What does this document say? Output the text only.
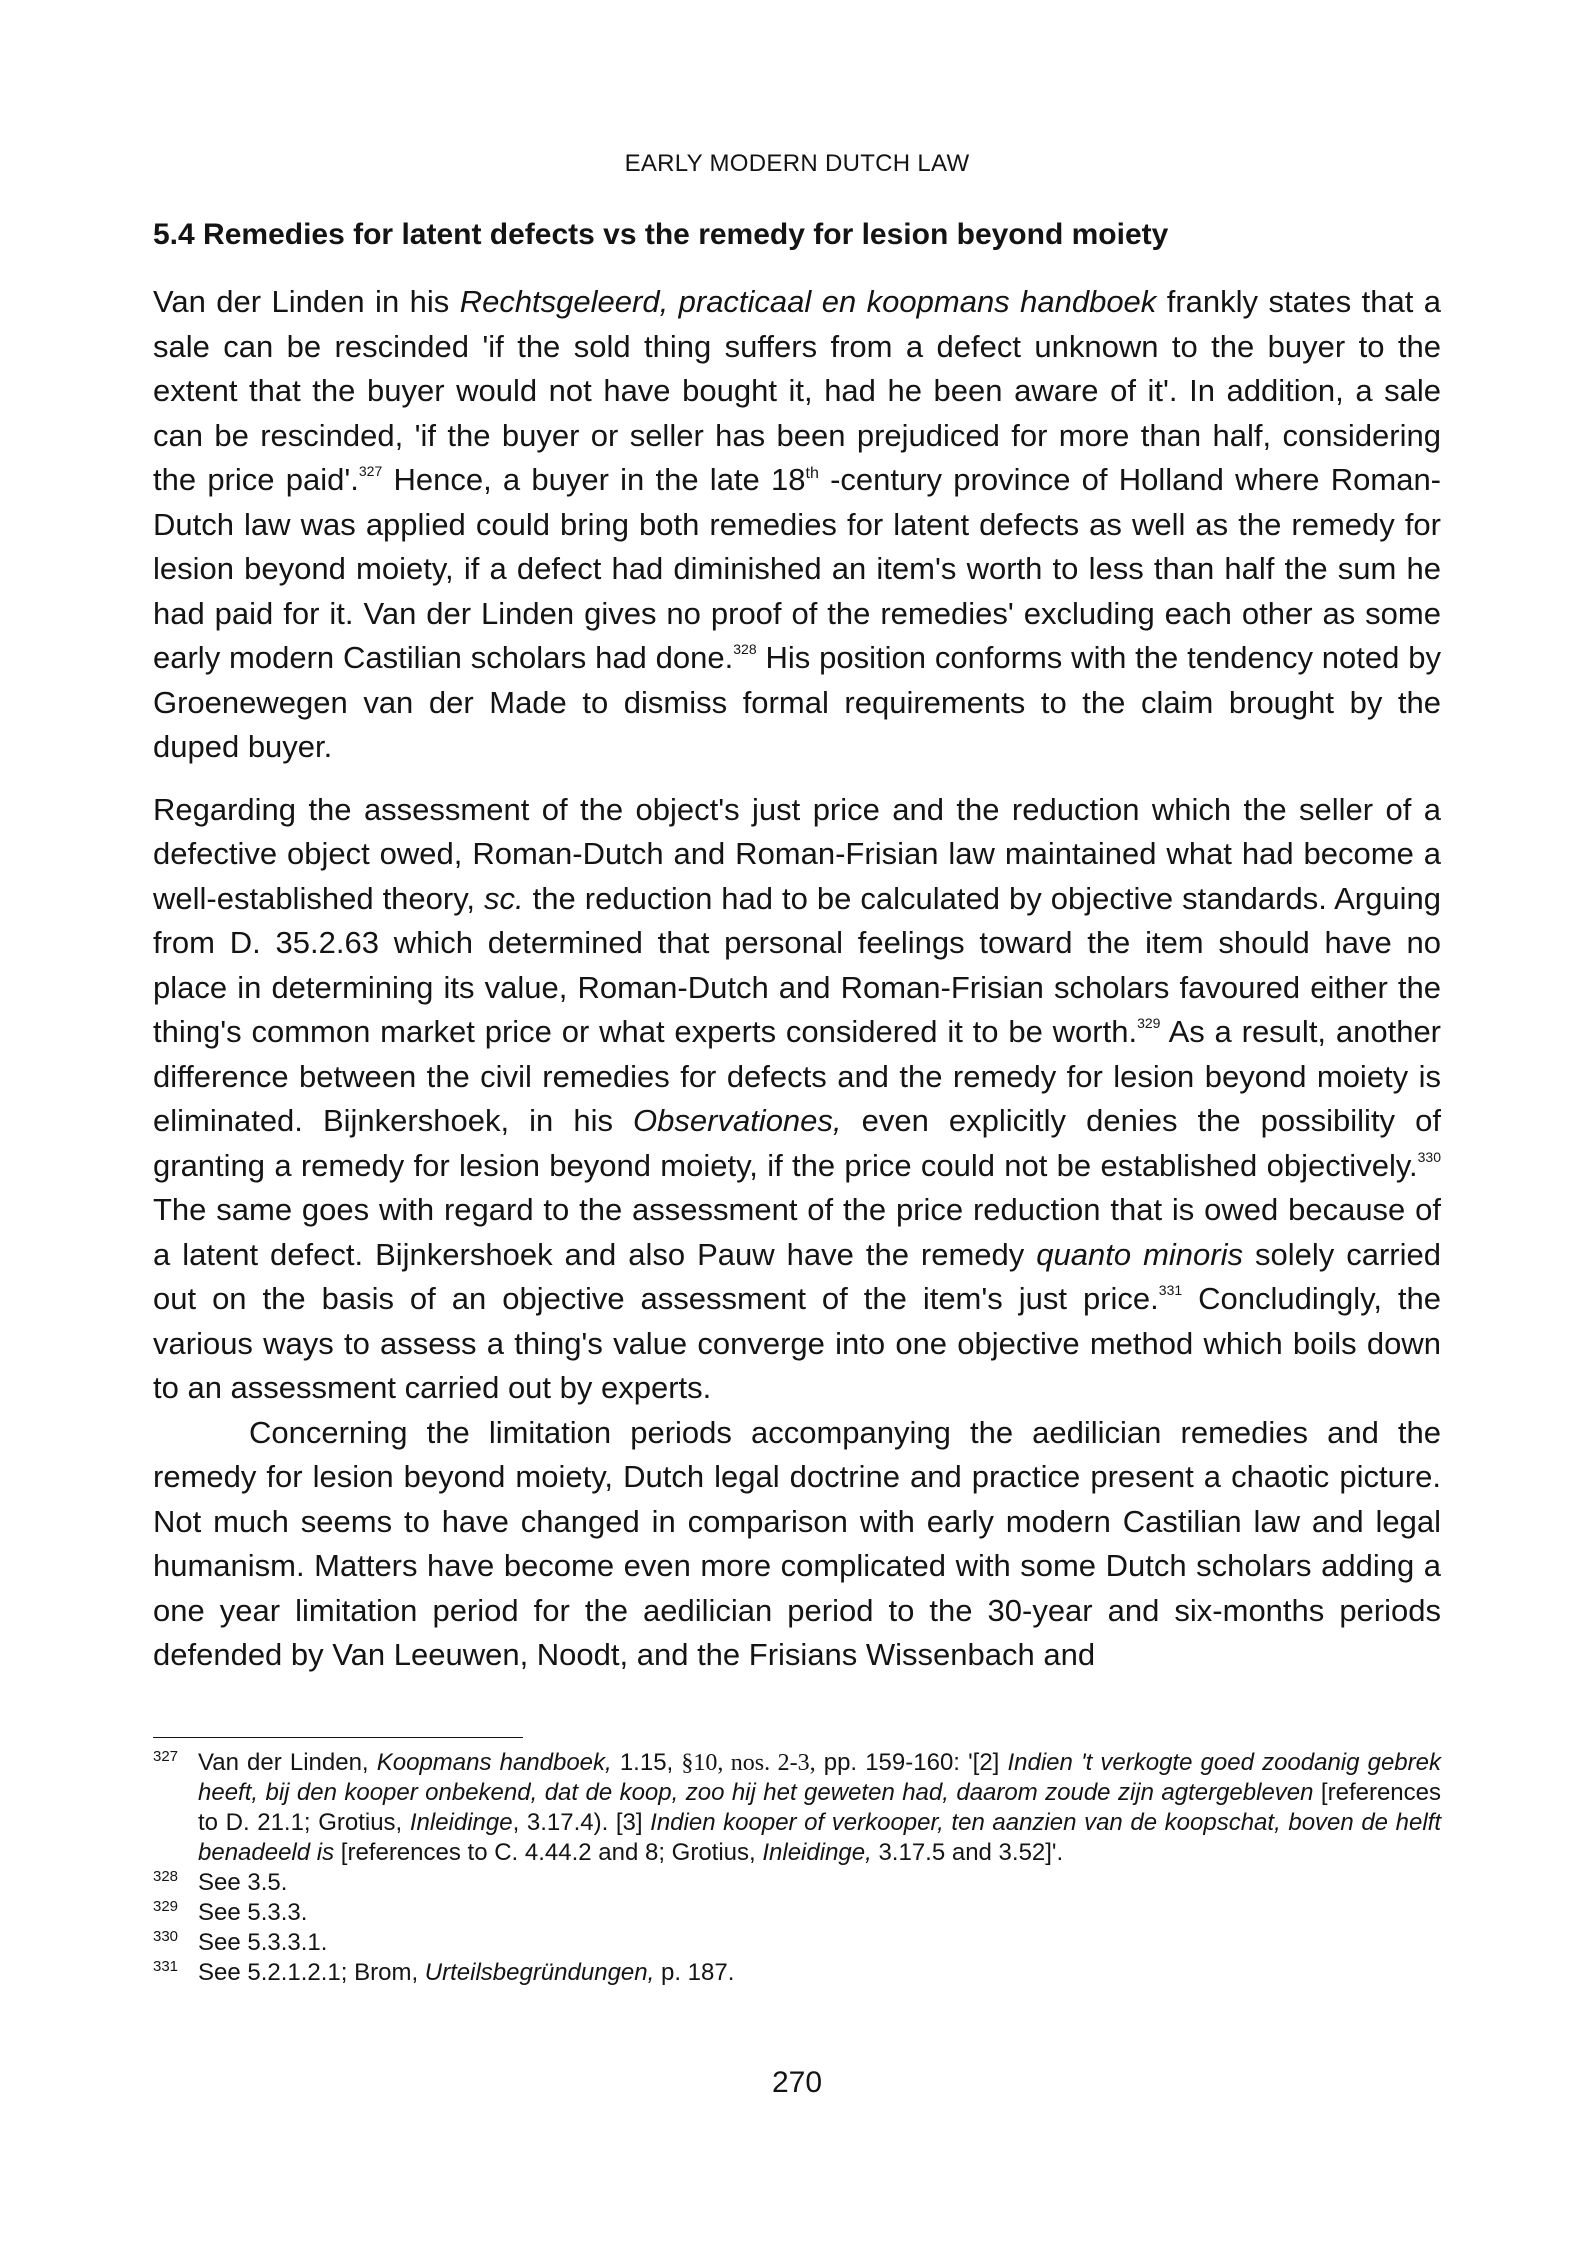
EARLY MODERN DUTCH LAW
5.4 Remedies for latent defects vs the remedy for lesion beyond moiety

Van der Linden in his Rechtsgeleerd, practicaal en koopmans handboek frankly states that a sale can be rescinded 'if the sold thing suffers from a defect unknown to the buyer to the extent that the buyer would not have bought it, had he been aware of it'. In addition, a sale can be rescinded, 'if the buyer or seller has been prejudiced for more than half, considering the price paid'.$^{327}$ Hence, a buyer in the late 18th -century province of Holland where Roman-Dutch law was applied could bring both remedies for latent defects as well as the remedy for lesion beyond moiety, if a defect had diminished an item's worth to less than half the sum he had paid for it. Van der Linden gives no proof of the remedies' excluding each other as some early modern Castilian scholars had done.$^{328}$ His position conforms with the tendency noted by Groenewegen van der Made to dismiss formal requirements to the claim brought by the duped buyer.

Regarding the assessment of the object's just price and the reduction which the seller of a defective object owed, Roman-Dutch and Roman-Frisian law maintained what had become a well-established theory, sc. the reduction had to be calculated by objective standards. Arguing from D. 35.2.63 which determined that personal feelings toward the item should have no place in determining its value, Roman-Dutch and Roman-Frisian scholars favoured either the thing's common market price or what experts considered it to be worth.$^{329}$ As a result, another difference between the civil remedies for defects and the remedy for lesion beyond moiety is eliminated. Bijnkershoek, in his Observationes, even explicitly denies the possibility of granting a remedy for lesion beyond moiety, if the price could not be established objectively.$^{330}$ The same goes with regard to the assessment of the price reduction that is owed because of a latent defect. Bijnkershoek and also Pauw have the remedy quanto minoris solely carried out on the basis of an objective assessment of the item's just price.$^{331}$ Concludingly, the various ways to assess a thing's value converge into one objective method which boils down to an assessment carried out by experts.

Concerning the limitation periods accompanying the aedilician remedies and the remedy for lesion beyond moiety, Dutch legal doctrine and practice present a chaotic picture. Not much seems to have changed in comparison with early modern Castilian law and legal humanism. Matters have become even more complicated with some Dutch scholars adding a one year limitation period for the aedilician period to the 30-year and six-months periods defended by Van Leeuwen, Noodt, and the Frisians Wissenbach and

327 Van der Linden, Koopmans handboek, 1.15, §10, nos. 2-3, pp. 159-160: '[2] Indien 't verkogte goed zoodanig gebrek heeft, bij den kooper onbekend, dat de koop, zoo hij het geweten had, daarom zoude zijn agtergebleven [references to D. 21.1; Grotius, Inleidinge, 3.17.4). [3] Indien kooper of verkooper, ten aanzien van de koopschat, boven de helft benadeeld is [references to C. 4.44.2 and 8; Grotius, Inleidinge, 3.17.5 and 3.52]'.
328 See 3.5.
329 See 5.3.3.
330 See 5.3.3.1.
331 See 5.2.1.2.1; Brom, Urteilsbegründungen, p. 187.
270
